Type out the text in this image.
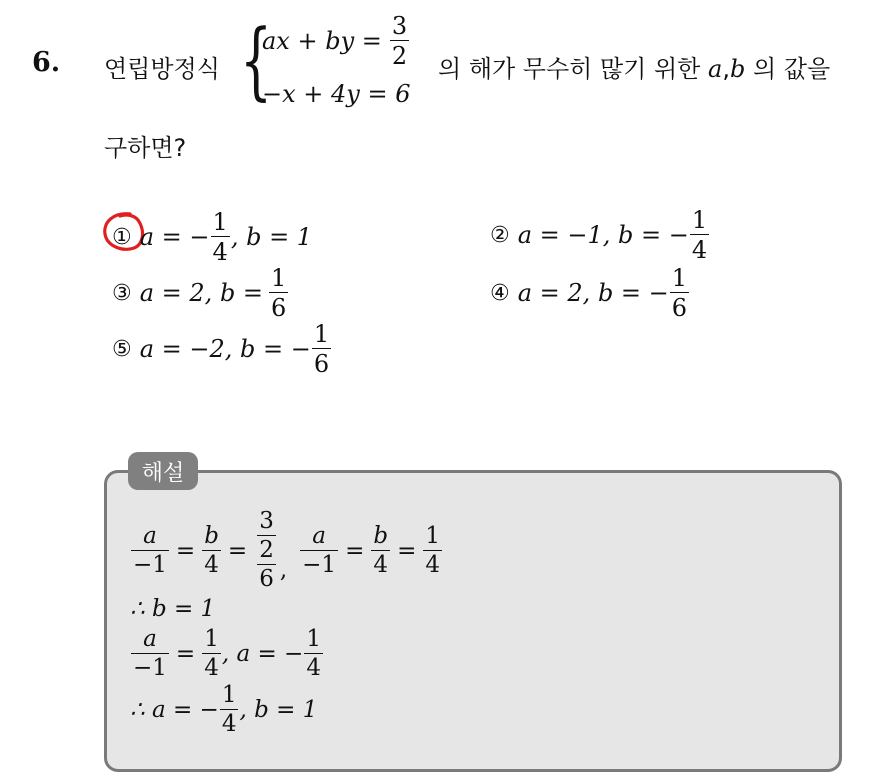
6. 연립방정식 {
ax + by = $\frac{3}{2}$
−x + 4y = 6
의 해가 무수히 많기 위한 a,b 의 값을
구하면?
① a = − $\frac{1}{4}$ , b = 1	② a = −1, b = − $\frac{1}{4}$
③ a = 2, $b = \frac{1}{6}$	④ a = 2, b = − $\frac{1}{6}$
⑤ a = −2, b = − $\frac{1}{6}$
해설
$\frac{a}{-1} = \frac{b}{4} = \frac{\frac{3}{2}}{6}$ , $\frac{a}{-1} = \frac{b}{4} = \frac{1}{4}$
∴ b = 1
$\frac{a}{-1} = \frac{1}{4}$ , a = − $\frac{1}{4}$
∴ a = − $\frac{1}{4}$ , b = 1
